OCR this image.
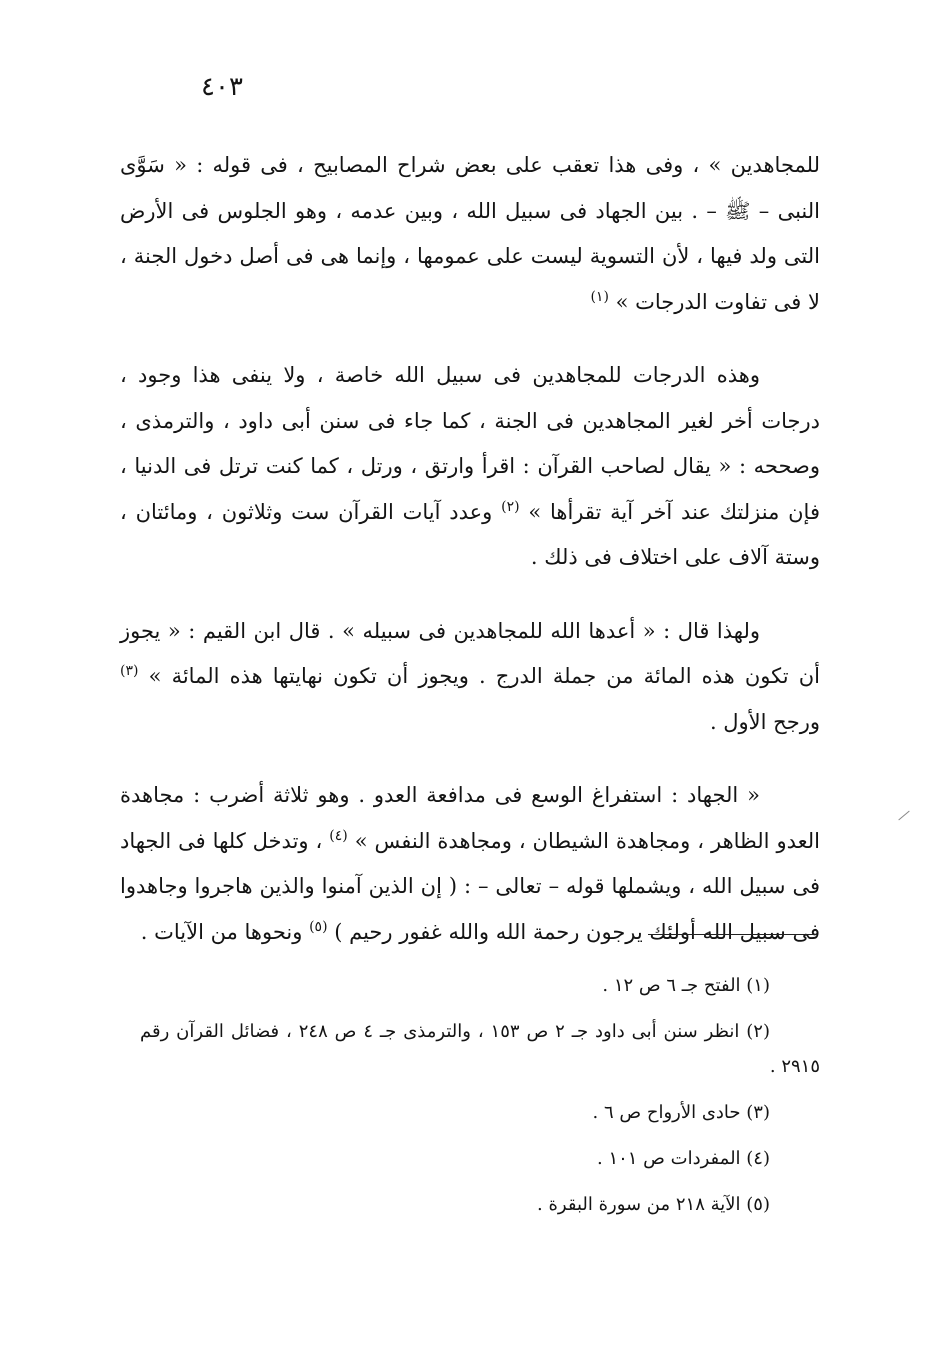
٤٠٣

للمجاهدين » ، وفى هذا تعقب على بعض شراح المصابيح ، فى قوله : « سَوَّى النبى – ﷺ – . بين الجهاد فى سبيل الله ، وبين عدمه ، وهو الجلوس فى الأرض التى ولد فيها ، لأن التسوية ليست على عمومها ، وإنما هى فى أصل دخول الجنة ، لا فى تفاوت الدرجات » $^{(١)}$

وهذه الدرجات للمجاهدين فى سبيل الله خاصة ، ولا ينفى هذا وجود ، درجات أخر لغير المجاهدين فى الجنة ، كما جاء فى سنن أبى داود ، والترمذى ، وصححه : « يقال لصاحب القرآن : اقرأ وارتق ، ورتل ، كما كنت ترتل فى الدنيا ، فإن منزلتك عند آخر آية تقرأها » $^{(٢)}$ وعدد آيات القرآن ست وثلاثون ، ومائتان ، وستة آلاف على اختلاف فى ذلك .

ولهذا قال : « أعدها الله للمجاهدين فى سبيله » . قال ابن القيم : « يجوز أن تكون هذه المائة من جملة الدرج . ويجوز أن تكون نهايتها هذه المائة » $^{(٣)}$ ورجح الأول .

« الجهاد : استفراغ الوسع فى مدافعة العدو . وهو ثلاثة أضرب : مجاهدة العدو الظاهر ، ومجاهدة الشيطان ، ومجاهدة النفس » $^{(٤)}$ ، وتدخل كلها فى الجهاد فى سبيل الله ، ويشملها قوله – تعالى – : ( إن الذين آمنوا والذين هاجروا وجاهدوا فى سبيل الله أولئك يرجون رحمة الله والله غفور رحيم ) $^{(٥)}$ ونحوها من الآيات .

(١) الفتح جـ ٦ ص ١٢ .

(٢) انظر سنن أبى داود جـ ٢ ص ١٥٣ ، والترمذى جـ ٤ ص ٢٤٨ ، فضائل القرآن رقم ٢٩١٥ .

(٣) حادى الأرواح ص ٦ .

(٤) المفردات ص ١٠١ .

(٥) الآية ٢١٨ من سورة البقرة .
